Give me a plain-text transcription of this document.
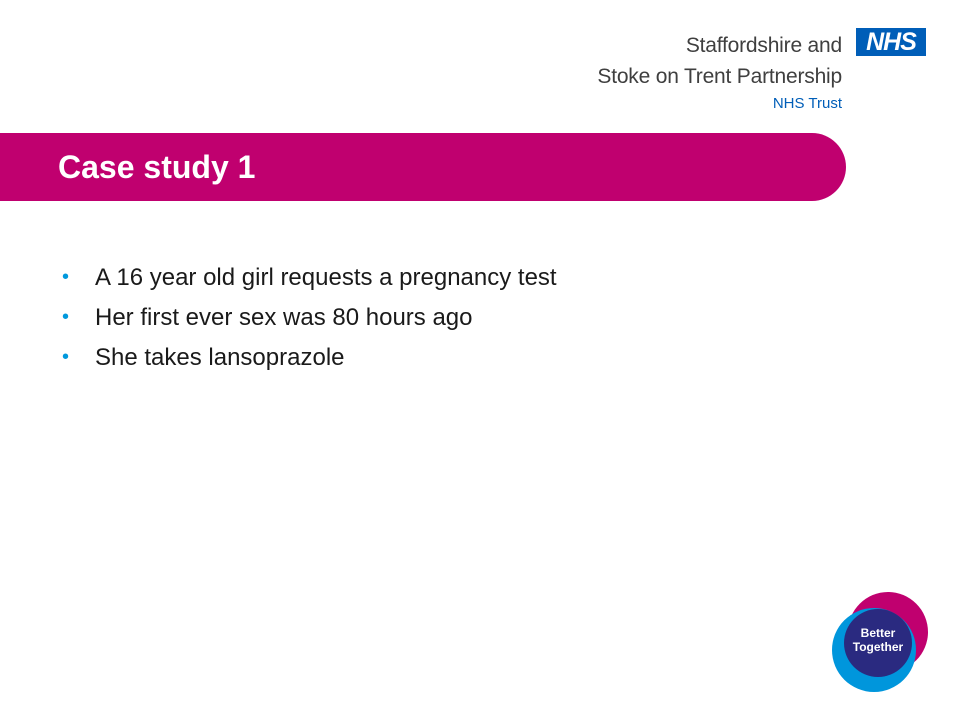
Staffordshire and
Stoke on Trent Partnership
NHS Trust
NHS
Case study 1
• A 16 year old girl requests a pregnancy test
• Her first ever sex was 80 hours ago
• She takes lansoprazole
Better
Together
